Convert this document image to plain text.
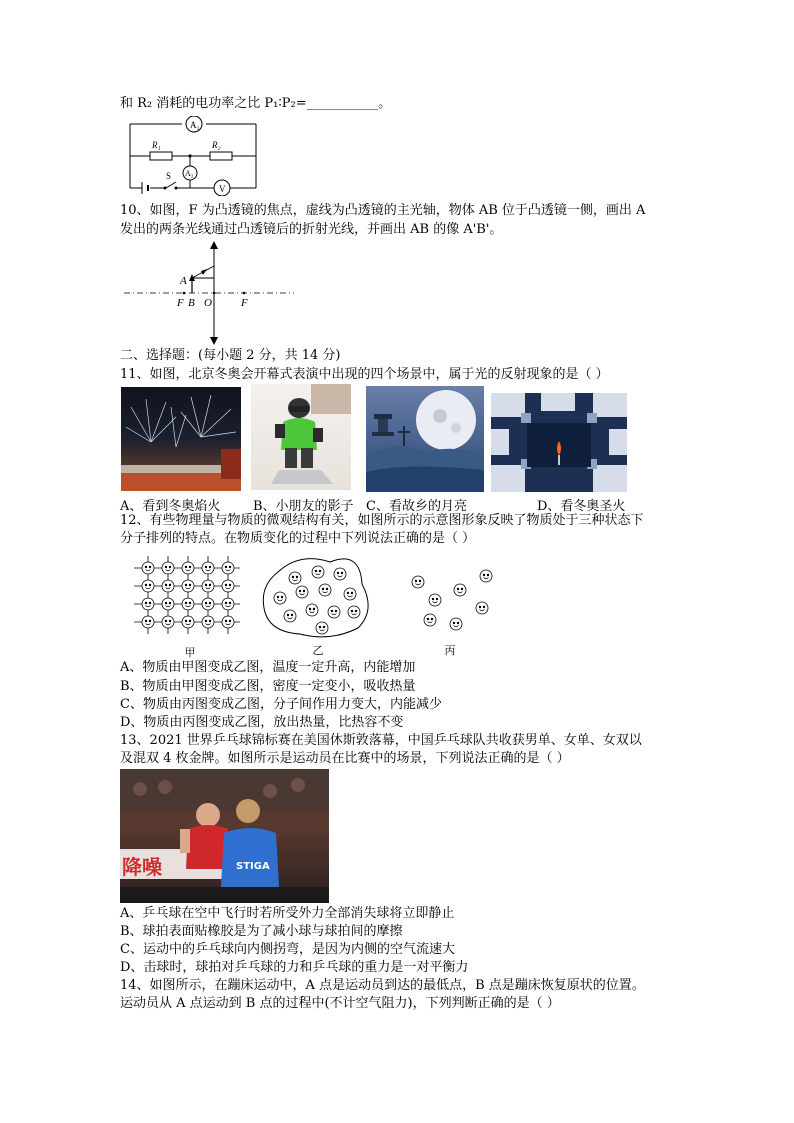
和 R₂ 消耗的电功率之比 P₁∶P₂=___________。
A₁
A₂
V
R₁	R₂
S
10、如图，F 为凸透镜的焦点，虚线为凸透镜的主光轴，物体 AB 位于凸透镜一侧，画出 A
发出的两条光线通过凸透镜后的折射光线，并画出 AB 的像 A'B'。
A
F B O	F
二、选择题：(每小题 2 分，共 14 分)
11、如图，北京冬奥会开幕式表演中出现的四个场景中，属于光的反射现象的是（ ）
A、看到冬奥焰火	B、小朋友的影子 C、看故乡的月亮	D、看冬奥圣火
12、有些物理量与物质的微观结构有关，如图所示的示意图形象反映了物质处于三种状态下
分子排列的特点。在物质变化的过程中下列说法正确的是（ ）
甲	乙	丙
A、物质由甲图变成乙图，温度一定升高，内能增加
B、物质由甲图变成乙图，密度一定变小，吸收热量
C、物质由丙图变成乙图，分子间作用力变大，内能减少
D、物质由丙图变成乙图，放出热量，比热容不变
13、2021 世界乒乓球锦标赛在美国休斯敦落幕，中国乒乓球队共收获男单、女单、女双以
及混双 4 枚金牌。如图所示是运动员在比赛中的场景，下列说法正确的是（ ）
降噪	STIGA
A、乒乓球在空中飞行时若所受外力全部消失球将立即静止
B、球拍表面贴橡胶是为了减小球与球拍间的摩擦
C、运动中的乒乓球向内侧拐弯，是因为内侧的空气流速大
D、击球时，球拍对乒乓球的力和乒乓球的重力是一对平衡力
14、如图所示，在蹦床运动中，A 点是运动员到达的最低点，B 点是蹦床恢复原状的位置。
运动员从 A 点运动到 B 点的过程中(不计空气阻力)，下列判断正确的是（ ）
